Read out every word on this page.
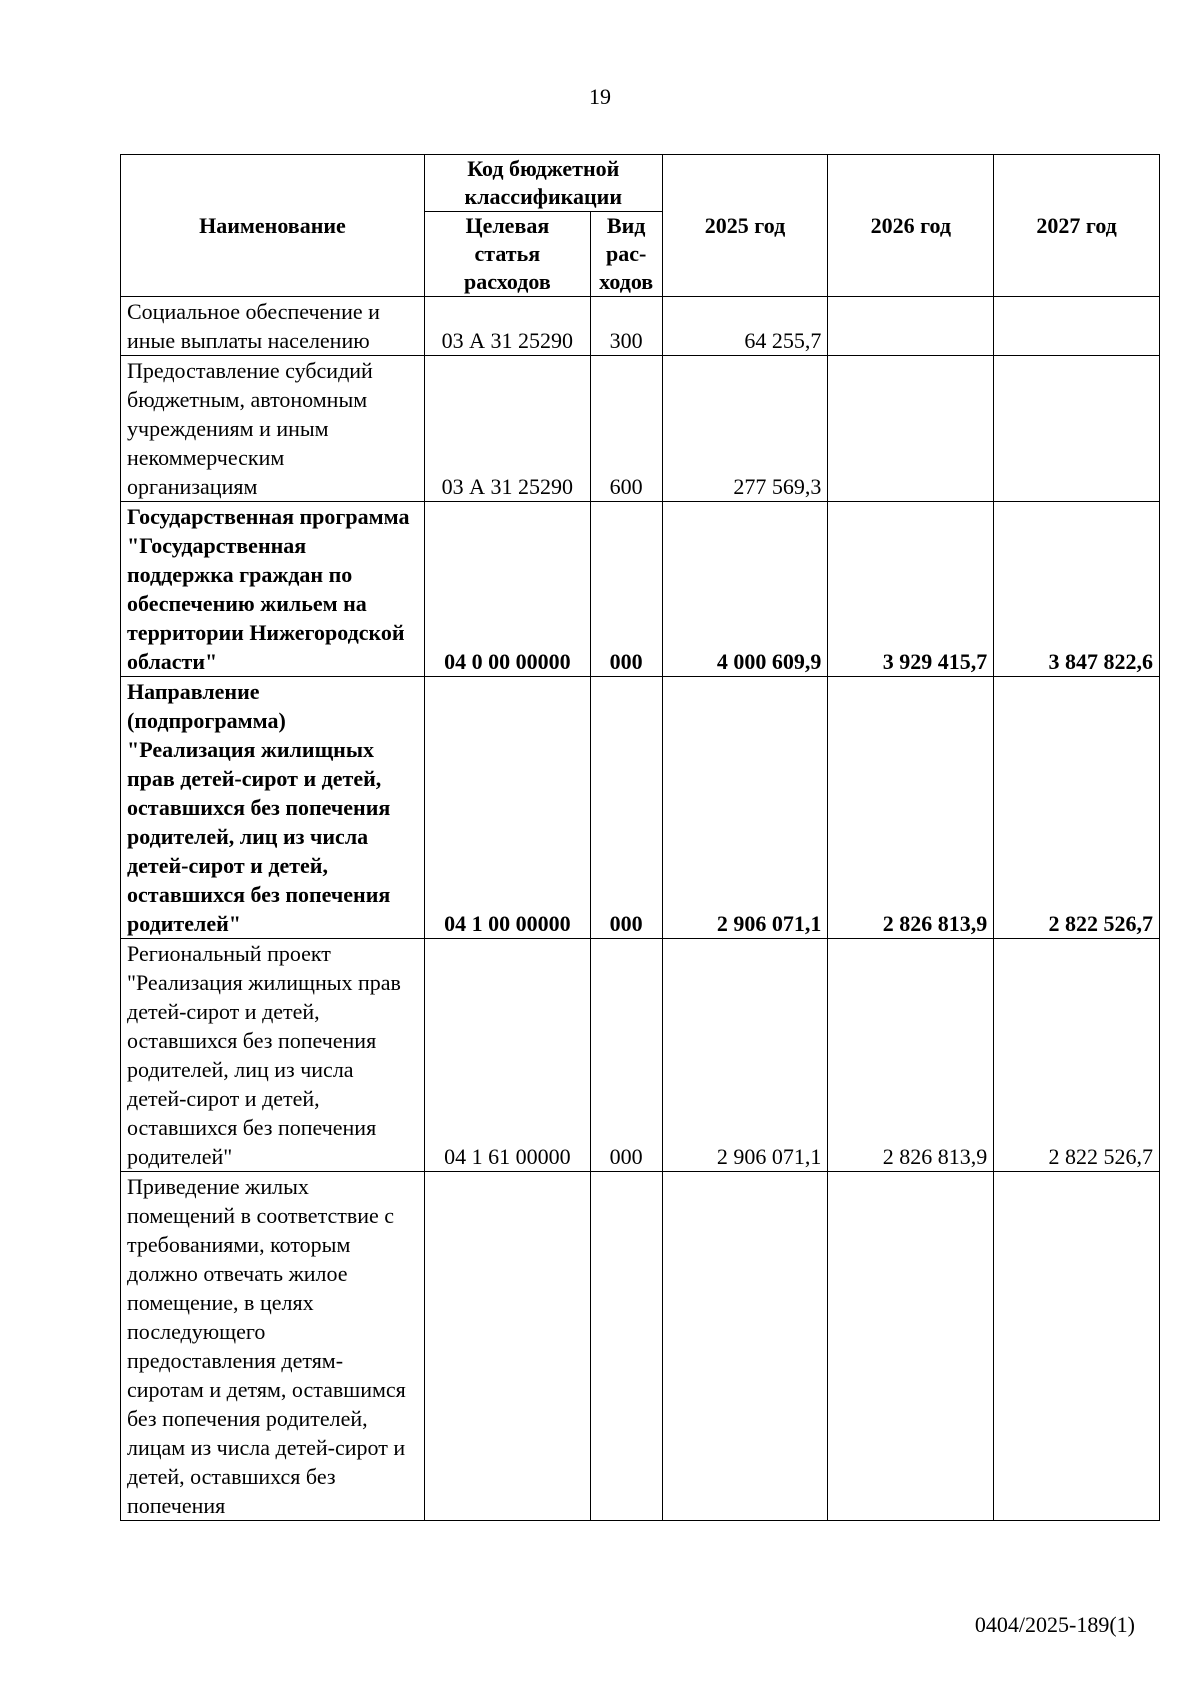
19
Наименование	Код бюджетной классификации		2025 год	2026 год	2027 год
	Целевая статья расходов	Вид рас- ходов			
Социальное обеспечение и иные выплаты населению	03 А 31 25290	300	64 255,7		
Предоставление субсидий бюджетным, автономным учреждениям и иным некоммерческим организациям	03 А 31 25290	600	277 569,3		
Государственная программа "Государственная поддержка граждан по обеспечению жильем на территории Нижегородской области"	04 0 00 00000	000	4 000 609,9	3 929 415,7	3 847 822,6
Направление (подпрограмма) "Реализация жилищных прав детей-сирот и детей, оставшихся без попечения родителей, лиц из числа детей-сирот и детей, оставшихся без попечения родителей"	04 1 00 00000	000	2 906 071,1	2 826 813,9	2 822 526,7
Региональный проект "Реализация жилищных прав детей-сирот и детей, оставшихся без попечения родителей, лиц из числа детей-сирот и детей, оставшихся без попечения родителей"	04 1 61 00000	000	2 906 071,1	2 826 813,9	2 822 526,7
Приведение жилых помещений в соответствие с требованиями, которым должно отвечать жилое помещение, в целях последующего предоставления детям-сиротам и детям, оставшимся без попечения родителей, лицам из числа детей-сирот и детей, оставшихся без попечения					
0404/2025-189(1)
